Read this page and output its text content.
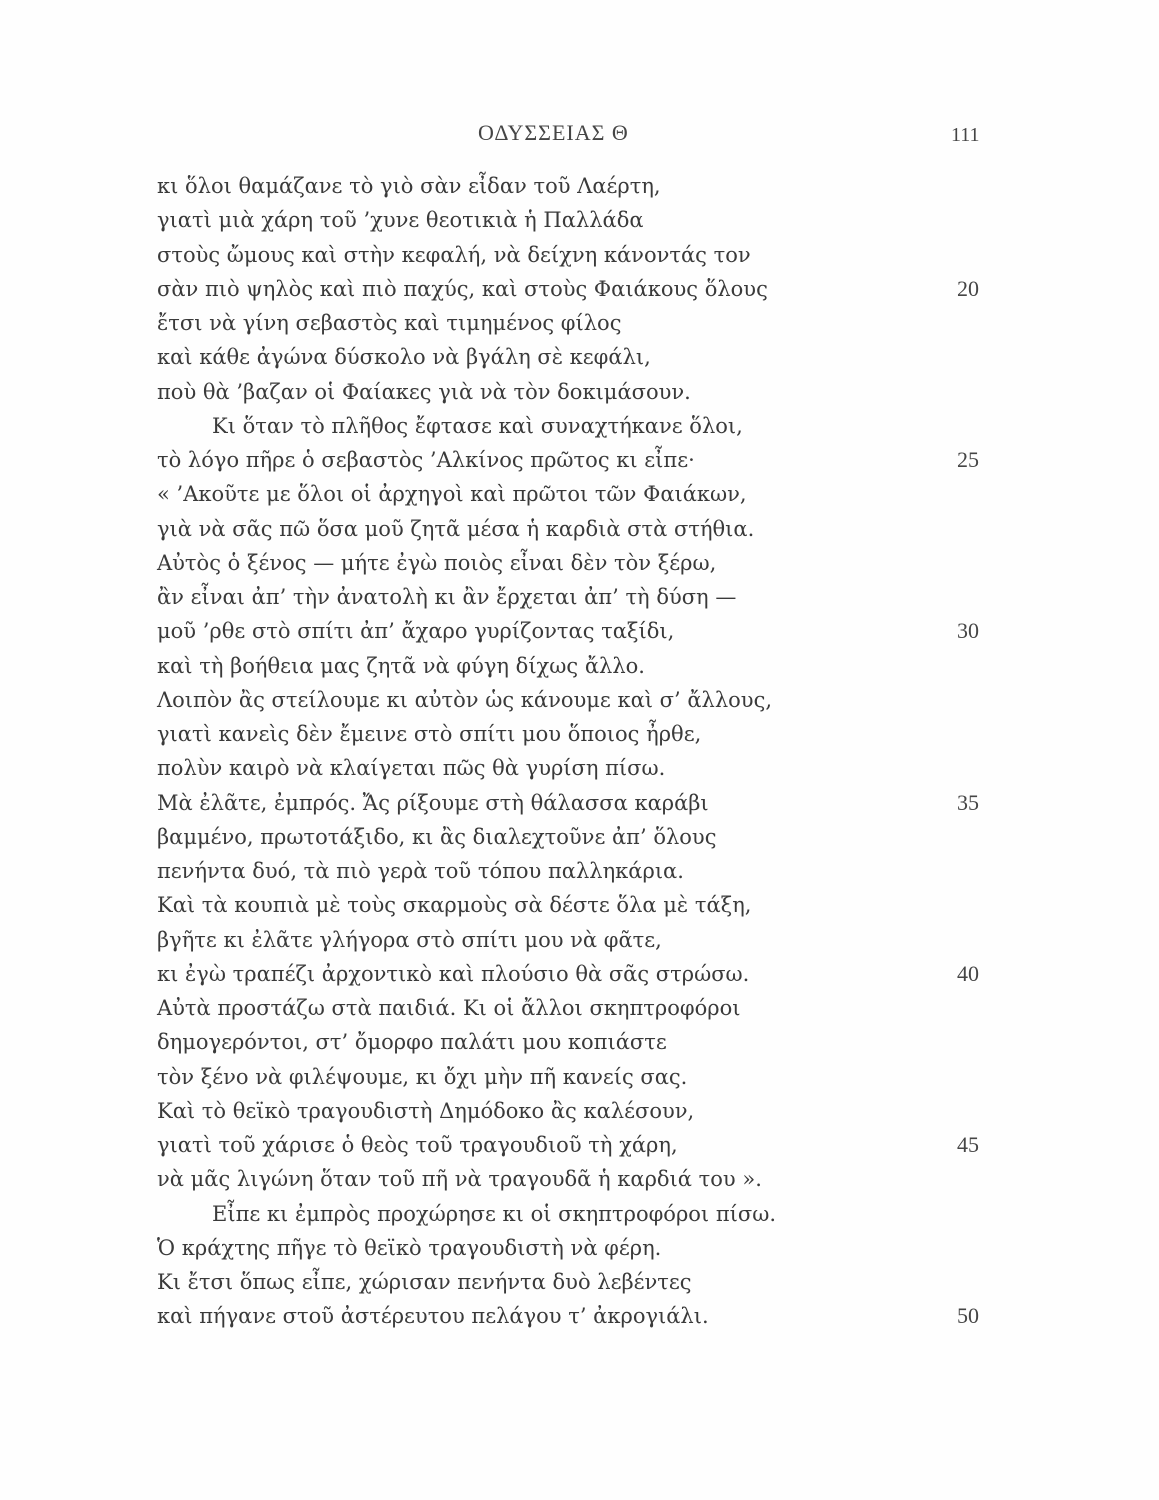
ΟΔΥΣΣΕΙΑΣ Θ	111
κι ὅλοι θαμάζανε τὸ γιὸ σὰν εἶδαν τοῦ Λαέρτη,
γιατὶ μιὰ χάρη τοῦ ’χυνε θεοτικιὰ ἡ Παλλάδα
στοὺς ὤμους καὶ στὴν κεφαλή, νὰ δείχνη κάνοντάς τον
σὰν πιὸ ψηλὸς καὶ πιὸ παχύς, καὶ στοὺς Φαιάκους ὅλους	20
ἔτσι νὰ γίνη σεβαστὸς καὶ τιμημένος φίλος
καὶ κάθε ἀγώνα δύσκολο νὰ βγάλη σὲ κεφάλι,
ποὺ θὰ ’βαζαν οἱ Φαίακες γιὰ νὰ τὸν δοκιμάσουν.
Κι ὅταν τὸ πλῆθος ἔφτασε καὶ συναχτήκανε ὅλοι,
τὸ λόγο πῆρε ὁ σεβαστὸς ’Αλκίνος πρῶτος κι εἶπε·	25
« ’Ακοῦτε με ὅλοι οἱ ἀρχηγοὶ καὶ πρῶτοι τῶν Φαιάκων,
γιὰ νὰ σᾶς πῶ ὅσα μοῦ ζητᾶ μέσα ἡ καρδιὰ στὰ στήθια.
Αὐτὸς ὁ ξένος — μήτε ἐγὼ ποιὸς εἶναι δὲν τὸν ξέρω,
ἂν εἶναι ἀπ’ τὴν ἀνατολὴ κι ἂν ἔρχεται ἀπ’ τὴ δύση —
μοῦ ’ρθε στὸ σπίτι ἀπ’ ἄχαρο γυρίζοντας ταξίδι,	30
καὶ τὴ βοήθεια μας ζητᾶ νὰ φύγη δίχως ἄλλο.
Λοιπὸν ἂς στείλουμε κι αὐτὸν ὡς κάνουμε καὶ σ’ ἄλλους,
γιατὶ κανεὶς δὲν ἔμεινε στὸ σπίτι μου ὅποιος ἦρθε,
πολὺν καιρὸ νὰ κλαίγεται πῶς θὰ γυρίση πίσω.
Μὰ ἐλᾶτε, ἐμπρός. Ἄς ρίξουμε στὴ θάλασσα καράβι	35
βαμμένο, πρωτοτάξιδο, κι ἂς διαλεχτοῦνε ἀπ’ ὅλους
πενήντα δυό, τὰ πιὸ γερὰ τοῦ τόπου παλληκάρια.
Καὶ τὰ κουπιὰ μὲ τοὺς σκαρμοὺς σὰ δέστε ὅλα μὲ τάξη,
βγῆτε κι ἐλᾶτε γλήγορα στὸ σπίτι μου νὰ φᾶτε,
κι ἐγὼ τραπέζι ἀρχοντικὸ καὶ πλούσιο θὰ σᾶς στρώσω.	40
Αὐτὰ προστάζω στὰ παιδιά. Κι οἱ ἄλλοι σκηπτροφόροι
δημογερόντοι, στ’ ὄμορφο παλάτι μου κοπιάστε
τὸν ξένο νὰ φιλέψουμε, κι ὄχι μὴν πῆ κανείς σας.
Καὶ τὸ θεϊκὸ τραγουδιστὴ Δημόδοκο ἂς καλέσουν,
γιατὶ τοῦ χάρισε ὁ θεὸς τοῦ τραγουδιοῦ τὴ χάρη,	45
νὰ μᾶς λιγώνη ὅταν τοῦ πῆ νὰ τραγουδᾶ ἡ καρδιά του ».
Εἶπε κι ἐμπρὸς προχώρησε κι οἱ σκηπτροφόροι πίσω.
Ὁ κράχτης πῆγε τὸ θεϊκὸ τραγουδιστὴ νὰ φέρη.
Κι ἔτσι ὅπως εἶπε, χώρισαν πενήντα δυὸ λεβέντες
καὶ πήγανε στοῦ ἀστέρευτου πελάγου τ’ ἀκρογιάλι.	50
